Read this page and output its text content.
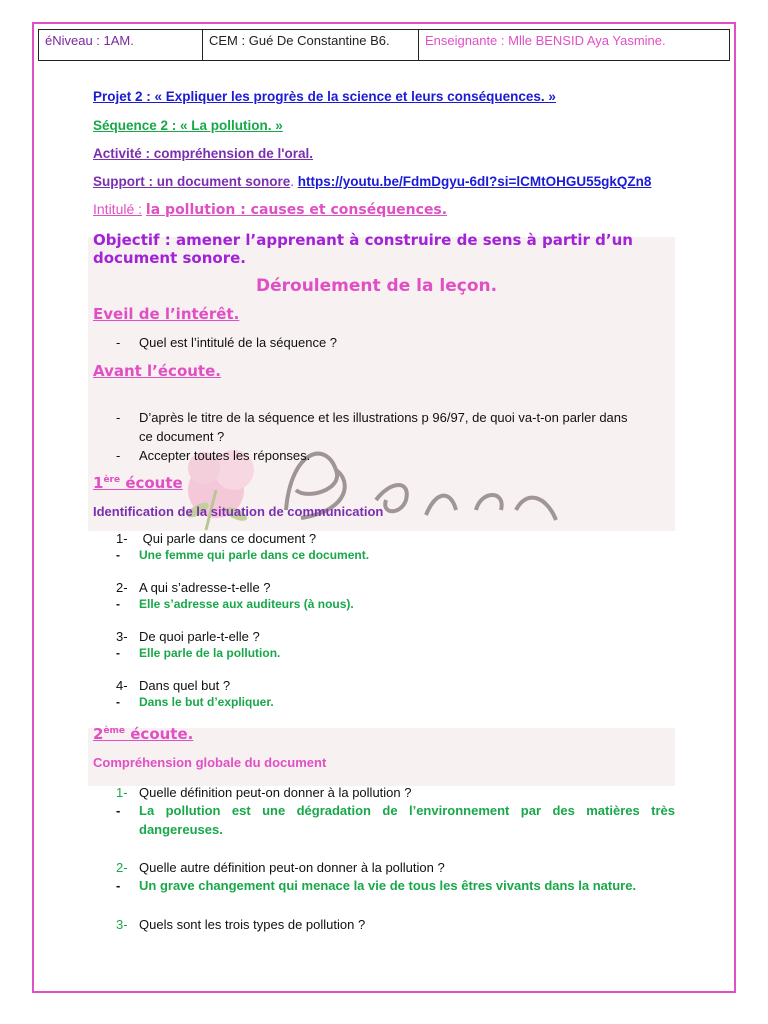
éNiveau : 1AM.	CEM : Gué De Constantine B6.	Enseignante : Mlle BENSID Aya Yasmine.
Projet 2 : « Expliquer les progrès de la science et leurs conséquences. »
Séquence 2 : « La pollution. »
Activité : compréhension de l'oral.
Support : un document sonore. https://youtu.be/FdmDgyu-6dI?si=lCMtOHGU55gkQZn8
Intitulé : la pollution : causes et conséquences.
Objectif : amener l’apprenant à construire de sens à partir d’un
document sonore.
Déroulement de la leçon.
Eveil de l’intérêt.
- Quel est l’intitulé de la séquence ?
Avant l’écoute.
- D’après le titre de la séquence et les illustrations p 96/97, de quoi va-t-on parler dans
ce document ?
- Accepter toutes les réponses.
1ère écoute
Identification de la situation de communication
1- Qui parle dans ce document ?
- Une femme qui parle dans ce document.
2- A qui s’adresse-t-elle ?
- Elle s’adresse aux auditeurs (à nous).
3- De quoi parle-t-elle ?
- Elle parle de la pollution.
4- Dans quel but ?
- Dans le but d’expliquer.
2ème écoute.
Compréhension globale du document
1- Quelle définition peut-on donner à la pollution ?
- La pollution est une dégradation de l’environnement par des matières très
dangereuses.
2- Quelle autre définition peut-on donner à la pollution ?
- Un grave changement qui menace la vie de tous les êtres vivants dans la nature.
3- Quels sont les trois types de pollution ?
